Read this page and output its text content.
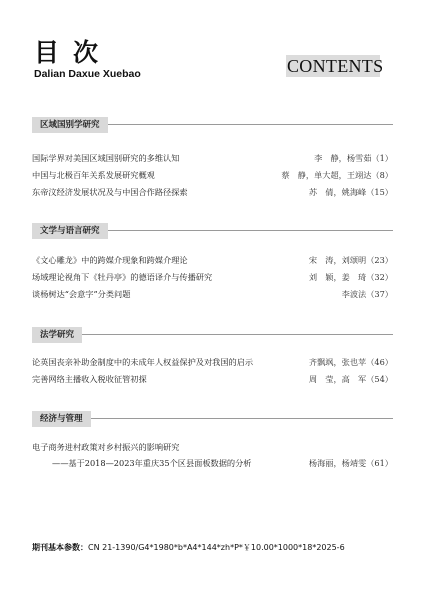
目次
Dalian Daxue Xuebao	CONTENTS
区域国别学研究
国际学界对美国区域国别研究的多维认知	李　静，杨雪茹（1）
中国与北极百年关系发展研究概观	蔡　静，单大超，王翊达（8）
东帝汶经济发展状况及与中国合作路径探索	苏　倩，姚海峰（15）
文学与语言研究
《文心雕龙》中的跨媒介现象和跨媒介理论	宋　涛，刘颂明（23）
场域理论视角下《牡丹亭》的德语译介与传播研究	刘　颖，姜　琦（32）
谈杨树达“会意字”分类问题	李波法（37）
法学研究
论英国丧亲补助金制度中的未成年人权益保护及对我国的启示	齐飘飒，张也苹（46）
完善网络主播收入税收征管初探	周　莹，高　军（54）
经济与管理
电子商务进村政策对乡村振兴的影响研究
——基于2018—2023年重庆35个区县面板数据的分析	杨海丽，杨靖雯（61）
期刊基本参数：CN 21-1390/G4*1980*b*A4*144*zh*P*￥10.00*1000*18*2025-6
